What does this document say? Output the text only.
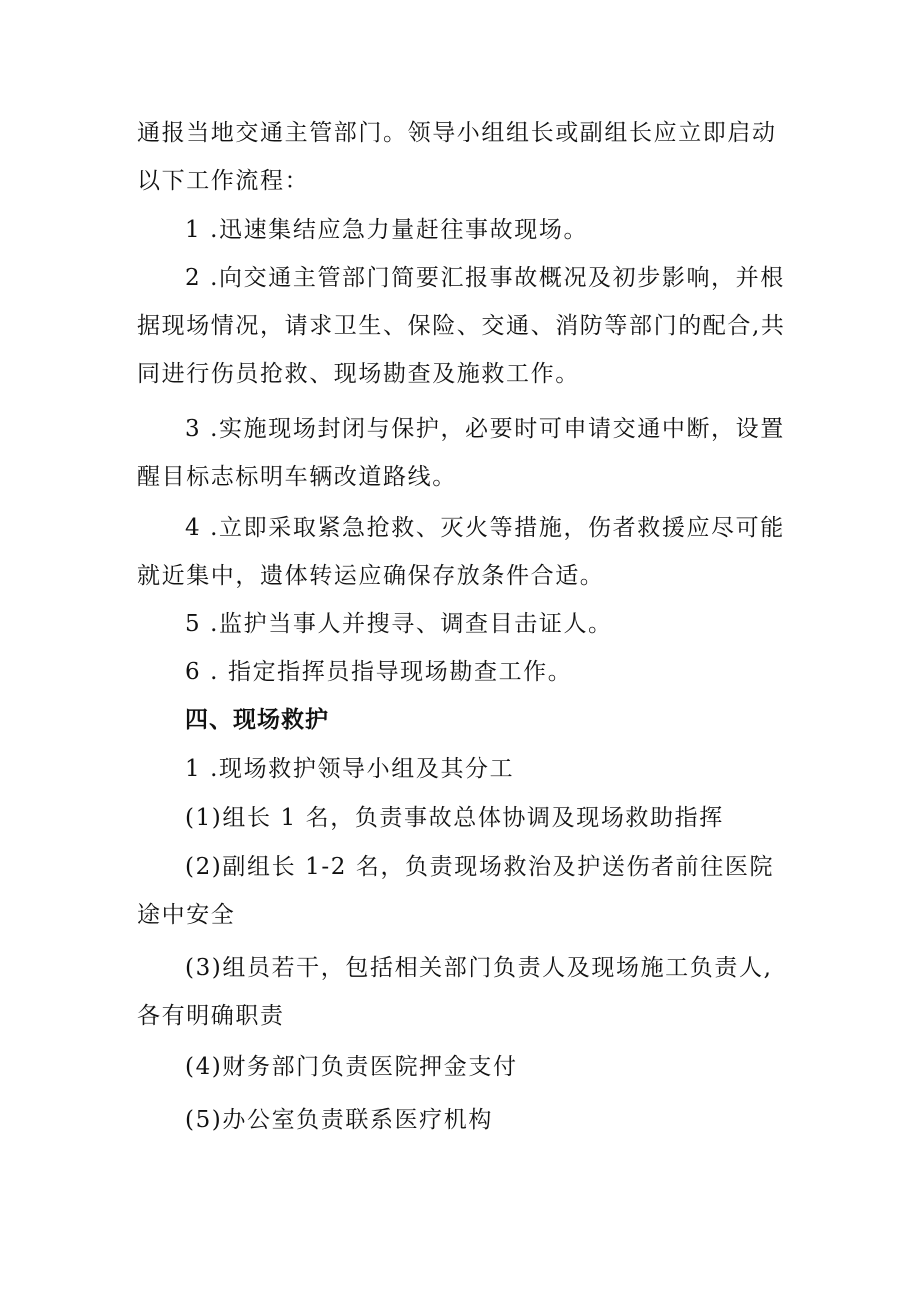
通报当地交通主管部门。领导小组组长或副组长应立即启动以下工作流程：

1 .迅速集结应急力量赶往事故现场。

2 .向交通主管部门简要汇报事故概况及初步影响，并根据现场情况，请求卫生、保险、交通、消防等部门的配合,共同进行伤员抢救、现场勘查及施救工作。

3 .实施现场封闭与保护，必要时可申请交通中断，设置醒目标志标明车辆改道路线。

4 .立即采取紧急抢救、灭火等措施，伤者救援应尽可能就近集中，遗体转运应确保存放条件合适。

5 .监护当事人并搜寻、调查目击证人。

6 . 指定指挥员指导现场勘查工作。

四、现场救护

1 .现场救护领导小组及其分工

(1)组长 1 名，负责事故总体协调及现场救助指挥

(2)副组长 1-2 名，负责现场救治及护送伤者前往医院途中安全

(3)组员若干，包括相关部门负责人及现场施工负责人,各有明确职责

(4)财务部门负责医院押金支付

(5)办公室负责联系医疗机构
